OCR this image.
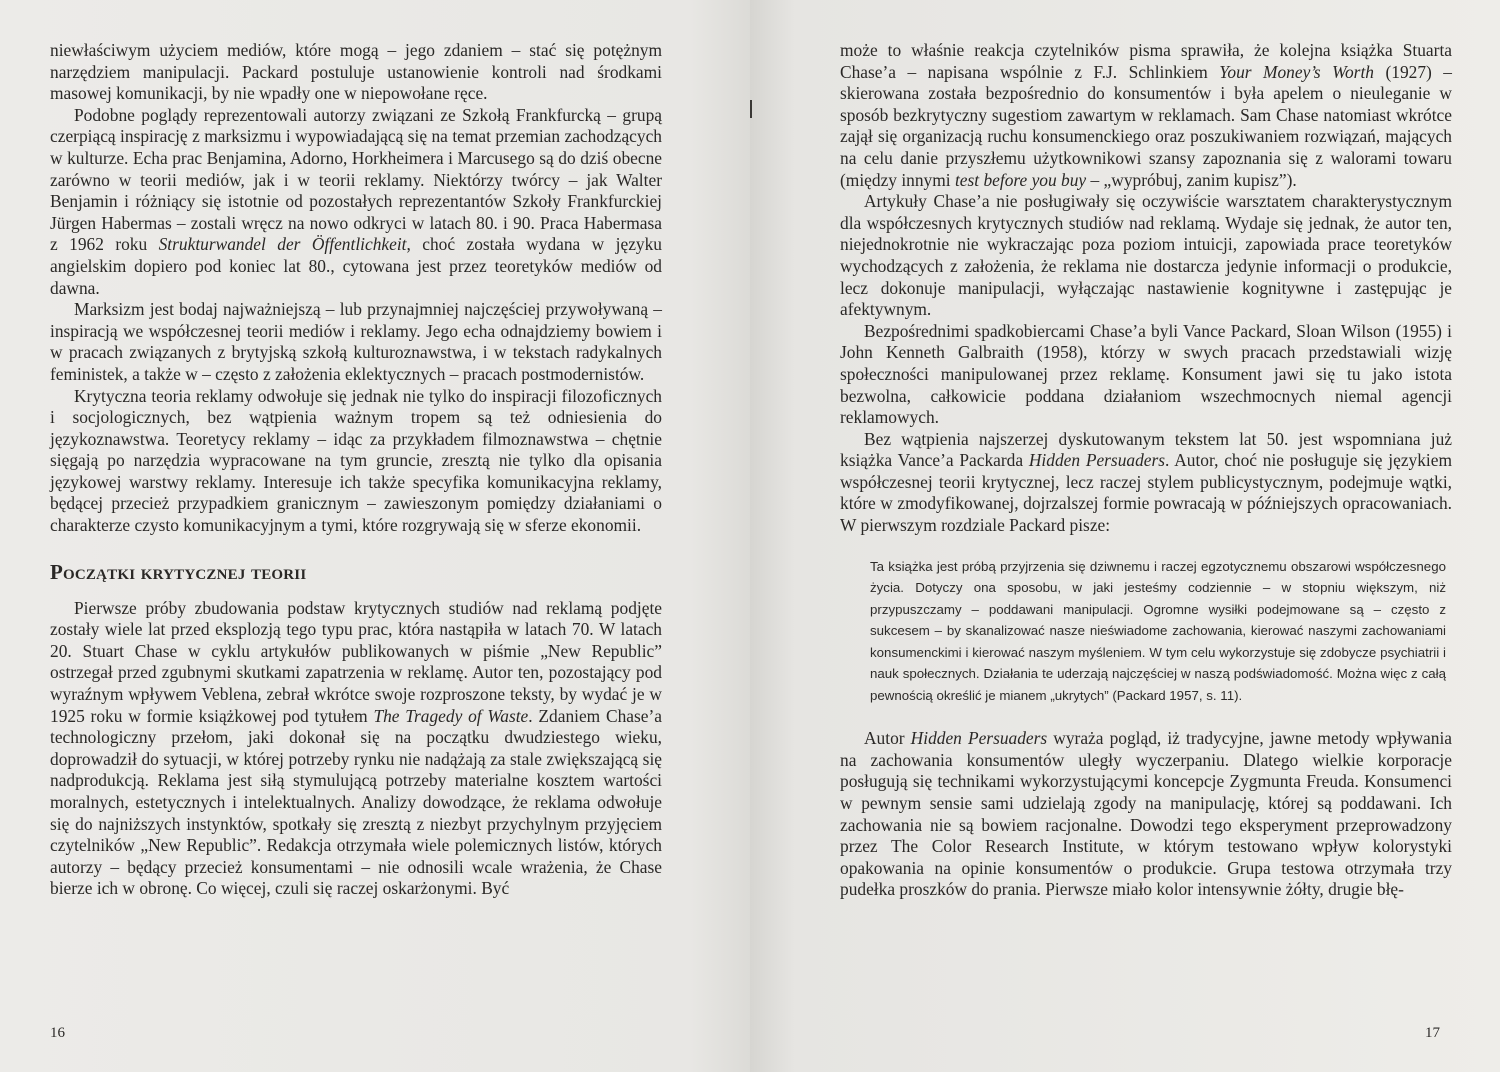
niewłaściwym użyciem mediów, które mogą – jego zdaniem – stać się potężnym narzędziem manipulacji. Packard postuluje ustanowienie kontroli nad środkami masowej komunikacji, by nie wpadły one w niepowołane ręce.

Podobne poglądy reprezentowali autorzy związani ze Szkołą Frankfurcką – grupą czerpiącą inspirację z marksizmu i wypowiadającą się na temat przemian zachodzących w kulturze. Echa prac Benjamina, Adorno, Horkheimera i Marcusego są do dziś obecne zarówno w teorii mediów, jak i w teorii reklamy. Niektórzy twórcy – jak Walter Benjamin i różniący się istotnie od pozostałych reprezentantów Szkoły Frankfurckiej Jürgen Habermas – zostali wręcz na nowo odkryci w latach 80. i 90. Praca Habermasa z 1962 roku Strukturwandel der Öffentlichkeit, choć została wydana w języku angielskim dopiero pod koniec lat 80., cytowana jest przez teoretyków mediów od dawna.

Marksizm jest bodaj najważniejszą – lub przynajmniej najczęściej przywoływaną – inspiracją we współczesnej teorii mediów i reklamy. Jego echa odnajdziemy bowiem i w pracach związanych z brytyjską szkołą kulturoznawstwa, i w tekstach radykalnych feministek, a także w – często z założenia eklektycznych – pracach postmodernistów.

Krytyczna teoria reklamy odwołuje się jednak nie tylko do inspiracji filozoficznych i socjologicznych, bez wątpienia ważnym tropem są też odniesienia do językoznawstwa. Teoretycy reklamy – idąc za przykładem filmoznawstwa – chętnie sięgają po narzędzia wypracowane na tym gruncie, zresztą nie tylko dla opisania językowej warstwy reklamy. Interesuje ich także specyfika komunikacyjna reklamy, będącej przecież przypadkiem granicznym – zawieszonym pomiędzy działaniami o charakterze czysto komunikacyjnym a tymi, które rozgrywają się w sferze ekonomii.

Początki krytycznej teorii

Pierwsze próby zbudowania podstaw krytycznych studiów nad reklamą podjęte zostały wiele lat przed eksplozją tego typu prac, która nastąpiła w latach 70. W latach 20. Stuart Chase w cyklu artykułów publikowanych w piśmie „New Republic” ostrzegał przed zgubnymi skutkami zapatrzenia w reklamę. Autor ten, pozostający pod wyraźnym wpływem Veblena, zebrał wkrótce swoje rozproszone teksty, by wydać je w 1925 roku w formie książkowej pod tytułem The Tragedy of Waste. Zdaniem Chase’a technologiczny przełom, jaki dokonał się na początku dwudziestego wieku, doprowadził do sytuacji, w której potrzeby rynku nie nadążają za stale zwiększającą się nadprodukcją. Reklama jest siłą stymulującą potrzeby materialne kosztem wartości moralnych, estetycznych i intelektualnych. Analizy dowodzące, że reklama odwołuje się do najniższych instynktów, spotkały się zresztą z niezbyt przychylnym przyjęciem czytelników „New Republic”. Redakcja otrzymała wiele polemicznych listów, których autorzy – będący przecież konsumentami – nie odnosili wcale wrażenia, że Chase bierze ich w obronę. Co więcej, czuli się raczej oskarżonymi. Być

16

może to właśnie reakcja czytelników pisma sprawiła, że kolejna książka Stuarta Chase’a – napisana wspólnie z F.J. Schlinkiem Your Money’s Worth (1927) – skierowana została bezpośrednio do konsumentów i była apelem o nieuleganie w sposób bezkrytyczny sugestiom zawartym w reklamach. Sam Chase natomiast wkrótce zajął się organizacją ruchu konsumenckiego oraz poszukiwaniem rozwiązań, mających na celu danie przyszłemu użytkownikowi szansy zapoznania się z walorami towaru (między innymi test before you buy – „wypróbuj, zanim kupisz”).

Artykuły Chase’a nie posługiwały się oczywiście warsztatem charakterystycznym dla współczesnych krytycznych studiów nad reklamą. Wydaje się jednak, że autor ten, niejednokrotnie nie wykraczając poza poziom intuicji, zapowiada prace teoretyków wychodzących z założenia, że reklama nie dostarcza jedynie informacji o produkcie, lecz dokonuje manipulacji, wyłączając nastawienie kognitywne i zastępując je afektywnym.

Bezpośrednimi spadkobiercami Chase’a byli Vance Packard, Sloan Wilson (1955) i John Kenneth Galbraith (1958), którzy w swych pracach przedstawiali wizję społeczności manipulowanej przez reklamę. Konsument jawi się tu jako istota bezwolna, całkowicie poddana działaniom wszechmocnych niemal agencji reklamowych.

Bez wątpienia najszerzej dyskutowanym tekstem lat 50. jest wspomniana już książka Vance’a Packarda Hidden Persuaders. Autor, choć nie posługuje się językiem współczesnej teorii krytycznej, lecz raczej stylem publicystycznym, podejmuje wątki, które w zmodyfikowanej, dojrzalszej formie powracają w późniejszych opracowaniach. W pierwszym rozdziale Packard pisze:

Ta książka jest próbą przyjrzenia się dziwnemu i raczej egzotycznemu obszarowi współczesnego życia. Dotyczy ona sposobu, w jaki jesteśmy codziennie – w stopniu większym, niż przypuszczamy – poddawani manipulacji. Ogromne wysiłki podejmowane są – często z sukcesem – by skanalizować nasze nieświadome zachowania, kierować naszymi zachowaniami konsumenckimi i kierować naszym myśleniem. W tym celu wykorzystuje się zdobycze psychiatrii i nauk społecznych. Działania te uderzają najczęściej w naszą podświadomość. Można więc z całą pewnością określić je mianem „ukrytych” (Packard 1957, s. 11).

Autor Hidden Persuaders wyraża pogląd, iż tradycyjne, jawne metody wpływania na zachowania konsumentów uległy wyczerpaniu. Dlatego wielkie korporacje posługują się technikami wykorzystującymi koncepcje Zygmunta Freuda. Konsumenci w pewnym sensie sami udzielają zgody na manipulację, której są poddawani. Ich zachowania nie są bowiem racjonalne. Dowodzi tego eksperyment przeprowadzony przez The Color Research Institute, w którym testowano wpływ kolorystyki opakowania na opinie konsumentów o produkcie. Grupa testowa otrzymała trzy pudełka proszków do prania. Pierwsze miało kolor intensywnie żółty, drugie błę-

17
